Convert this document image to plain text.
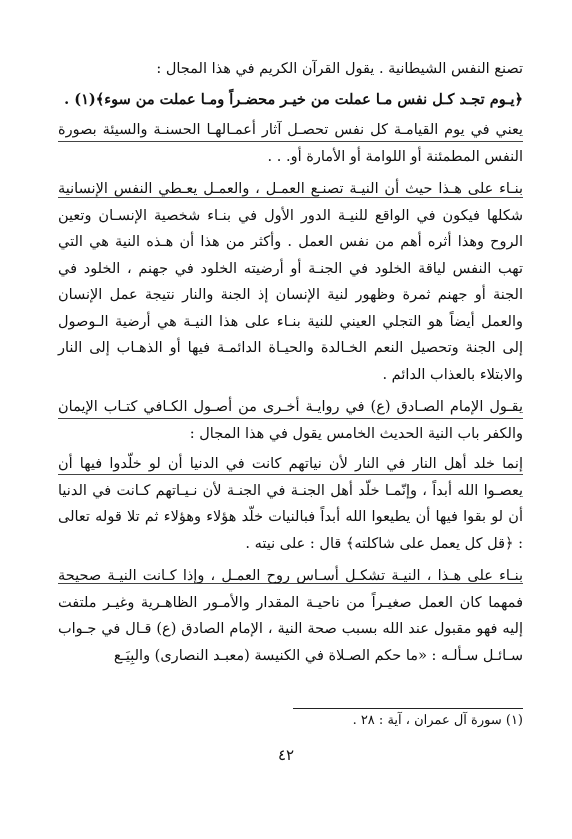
تصنع النفس الشيطانية . يقول القرآن الكريم في هذا المجال :

﴿يـوم تجـد كـل نفس مـا عملت من خيـر محضـراً ومـا عملت من سوء﴾(١) .

يعني في يوم القيامـة كل نفس تحصـل آثار أعمـالهـا الحسنـة والسيئة بصورة النفس المطمئنة أو اللوامة أو الأمارة أو. . .

بنـاء على هـذا حيث أن النيـة تصنـع العمـل ، والعمـل يعـطي النفس الإنسانية شكلها فيكون في الواقع للنيـة الدور الأول في بنـاء شخصية الإنسـان وتعين الروح وهذا أثره أهم من نفس العمل . وأكثر من هذا أن هـذه النية هي التي تهب النفس لياقة الخلود في الجنـة أو أرضيته الخلود في جهنم ، الخلود في الجنة أو جهنم ثمرة وظهور لنية الإنسان إذ الجنة والنار نتيجة عمل الإنسان والعمل أيضاً هو التجلي العيني للنية بنـاء على هذا النيـة هي أرضية الـوصول إلى الجنة وتحصيل النعم الخـالدة والحيـاة الدائمـة فيها أو الذهـاب إلى النار والابتلاء بالعذاب الدائم .

يقـول الإمام الصـادق (ع) في روايـة أخـرى من أصـول الكـافي كتـاب الإيمان والكفر باب النية الحديث الخامس يقول في هذا المجال :

إنما خلد أهل النار في النار لأن نياتهم كانت في الدنيا أن لو خلّدوا فيها أن يعصـوا الله أبداً ، وإنّمـا خلّد أهل الجنـة في الجنـة لأن نـيـاتهم كـانت في الدنيا أن لو بقوا فيها أن يطيعوا الله أبداً فبالنيات خلّد هؤلاء وهؤلاء ثم تلا قوله تعالى : ﴿قل كل يعمل على شاكلته﴾ قال : على نيته .

بنـاء على هـذا ، النيـة تشكـل أسـاس روح العمـل ، وإذا كـانت النيـة صحيحة فمهما كان العمل صغيـراً من ناحيـة المقدار والأمـور الظاهـرية وغيـر ملتفت إليه فهو مقبول عند الله بسبب صحة النية ، الإمام الصادق (ع) قـال في جـواب سـائـل سـألـه : «ما حكم الصـلاة في الكنيسة (معبـد النصارى) والبِيَـع

(١) سورة آل عمران ، آية : ٢٨ .
٤٢
